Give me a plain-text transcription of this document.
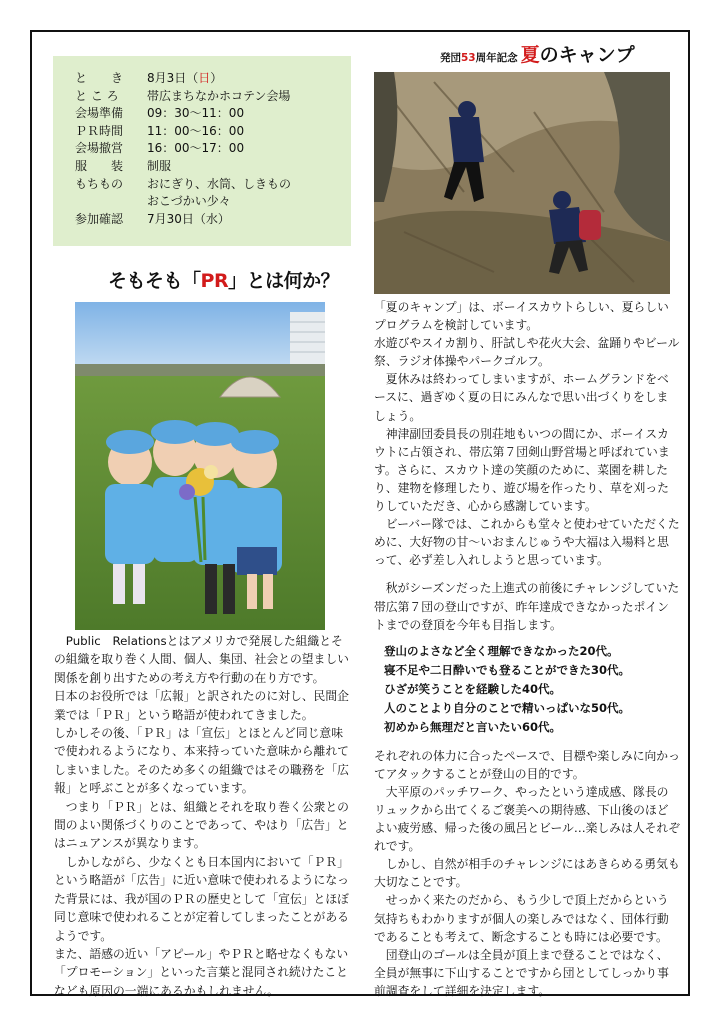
と　　き	8月3日（日）
と こ ろ	帯広まちなかホコテン会場
会場準備	09：30〜11：00
ＰＲ時間	11：00〜16：00
会場撤営	16：00〜17：00
服　　装	制服
もちもの	おにぎり、水筒、しきもの
おこづかい少々
参加確認	7月30日（水）
そもそも「PR」とは何か？

　Public　Relationsとはアメリカで発展した組織とその組織を取り巻く人間、個人、集団、社会との望ましい関係を創り出すための考え方や行動の在り方です。

日本のお役所では「広報」と訳されたのに対し、民間企業では「ＰＲ」という略語が使われてきました。

しかしその後、「ＰＲ」は「宣伝」とほとんど同じ意味で使われるようになり、本来持っていた意味から離れてしまいました。そのため多くの組織ではその職務を「広報」と呼ぶことが多くなっています。

　つまり「ＰＲ」とは、組織とそれを取り巻く公衆との間のよい関係づくりのことであって、やはり「広告」とはニュアンスが異なります。

　しかしながら、少なくとも日本国内において「ＰＲ」という略語が「広告」に近い意味で使われるようになった背景には、我が国のＰＲの歴史として「宣伝」とほぼ同じ意味で使われることが定着してしまったことがあるようです。

また、語感の近い「アピール」やＰＲと略せなくもない「プロモーション」といった言葉と混同され続けたことなども原因の一端にあるかもしれません。

発団53周年記念 夏のキャンプ

「夏のキャンプ」は、ボーイスカウトらしい、夏らしいプログラムを検討しています。

水遊びやスイカ割り、肝試しや花火大会、盆踊りやビール祭、ラジオ体操やパークゴルフ。

　夏休みは終わってしまいますが、ホームグランドをベースに、過ぎゆく夏の日にみんなで思い出づくりをしましょう。

　神津副団委員長の別荘地もいつの間にか、ボーイスカウトに占領され、帯広第７団剣山野営場と呼ばれています。さらに、スカウト達の笑顔のために、菜園を耕したり、建物を修理したり、遊び場を作ったり、草を刈ったりしていただき、心から感謝しています。

　ビーバー隊では、これからも堂々と使わせていただくために、大好物の甘〜いおまんじゅうや大福は入場料と思って、必ず差し入れしようと思っています。

　秋がシーズンだった上進式の前後にチャレンジしていた帯広第７団の登山ですが、昨年達成できなかったポイントまでの登頂を今年も目指します。

登山のよさなど全く理解できなかった20代。
寝不足や二日酔いでも登ることができた30代。
ひざが笑うことを経験した40代。
人のことより自分のことで精いっぱいな50代。
初めから無理だと言いたい60代。

それぞれの体力に合ったペースで、目標や楽しみに向かってアタックすることが登山の目的です。

　大平原のパッチワーク、やったという達成感、隊長のリュックから出てくるご褒美への期待感、下山後のほどよい疲労感、帰った後の風呂とビール…楽しみは人それぞれです。

　しかし、自然が相手のチャレンジにはあきらめる勇気も大切なことです。

　せっかく来たのだから、もう少しで頂上だからという気持ちもわかりますが個人の楽しみではなく、団体行動であることも考えて、断念することも時には必要です。

　団登山のゴールは全員が頂上まで登ることではなく、全員が無事に下山することですから団としてしっかり事前調査をして詳細を決定します。
